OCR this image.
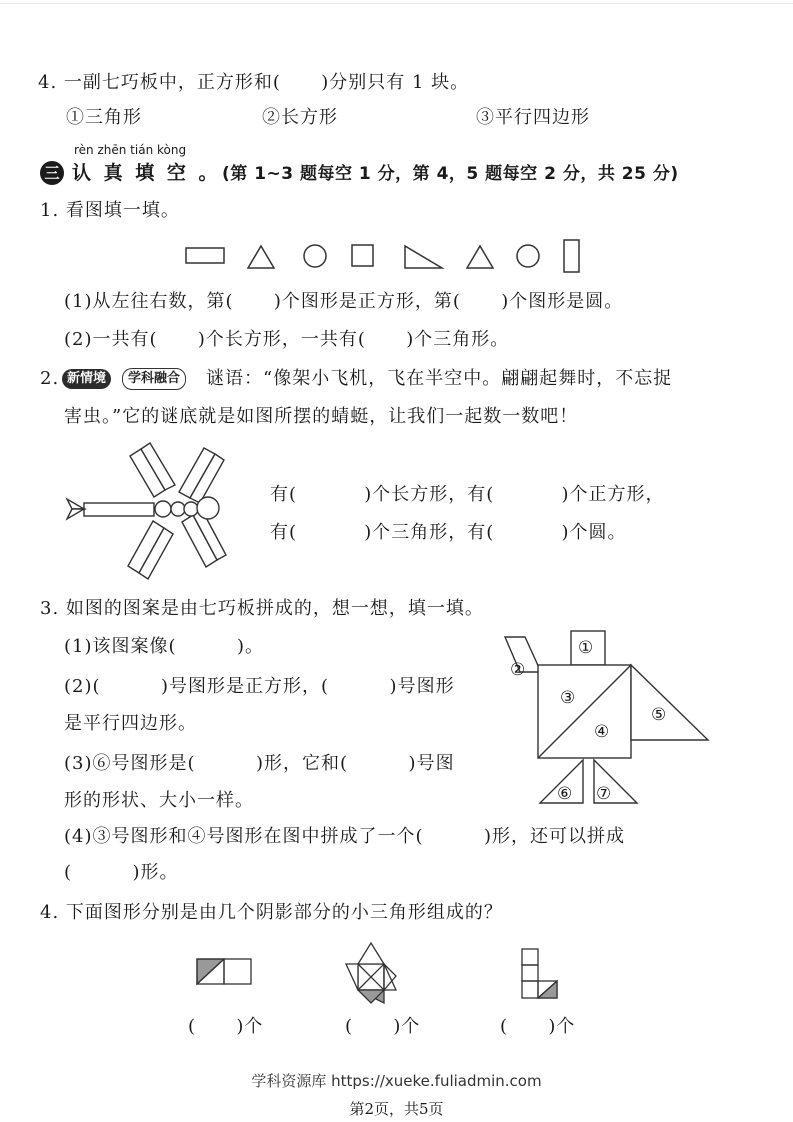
4. 一副七巧板中，正方形和(      )分别只有 1 块。
①三角形	②长方形	③平行四边形
rèn zhēn tián kòng
三 认 真 填 空 。 (第 1~3 题每空 1 分，第 4，5 题每空 2 分，共 25 分)
1. 看图填一填。
(1)从左往右数，第(      )个图形是正方形，第(      )个图形是圆。
(2)一共有(      )个长方形，一共有(      )个三角形。
2. 新情境	学科融合	谜语：“像架小飞机，飞在半空中。翩翩起舞时，不忘捉
害虫。”它的谜底就是如图所摆的蜻蜓，让我们一起数一数吧！
有(          )个长方形，有(          )个正方形，
有(          )个三角形，有(          )个圆。
3. 如图的图案是由七巧板拼成的，想一想，填一填。
(1)该图案像(         )。
(2)(         )号图形是正方形，(         )号图形
是平行四边形。
(3)⑥号图形是(         )形，它和(         )号图
形的形状、大小一样。
(4)③号图形和④号图形在图中拼成了一个(         )形，还可以拼成
(         )形。
①
②
③
④
⑤
⑥ ⑦
4. 下面图形分别是由几个阴影部分的小三角形组成的？
(      )个	(      )个	(      )个
学科资源库 https://xueke.fuliadmin.com
第2页，共5页
